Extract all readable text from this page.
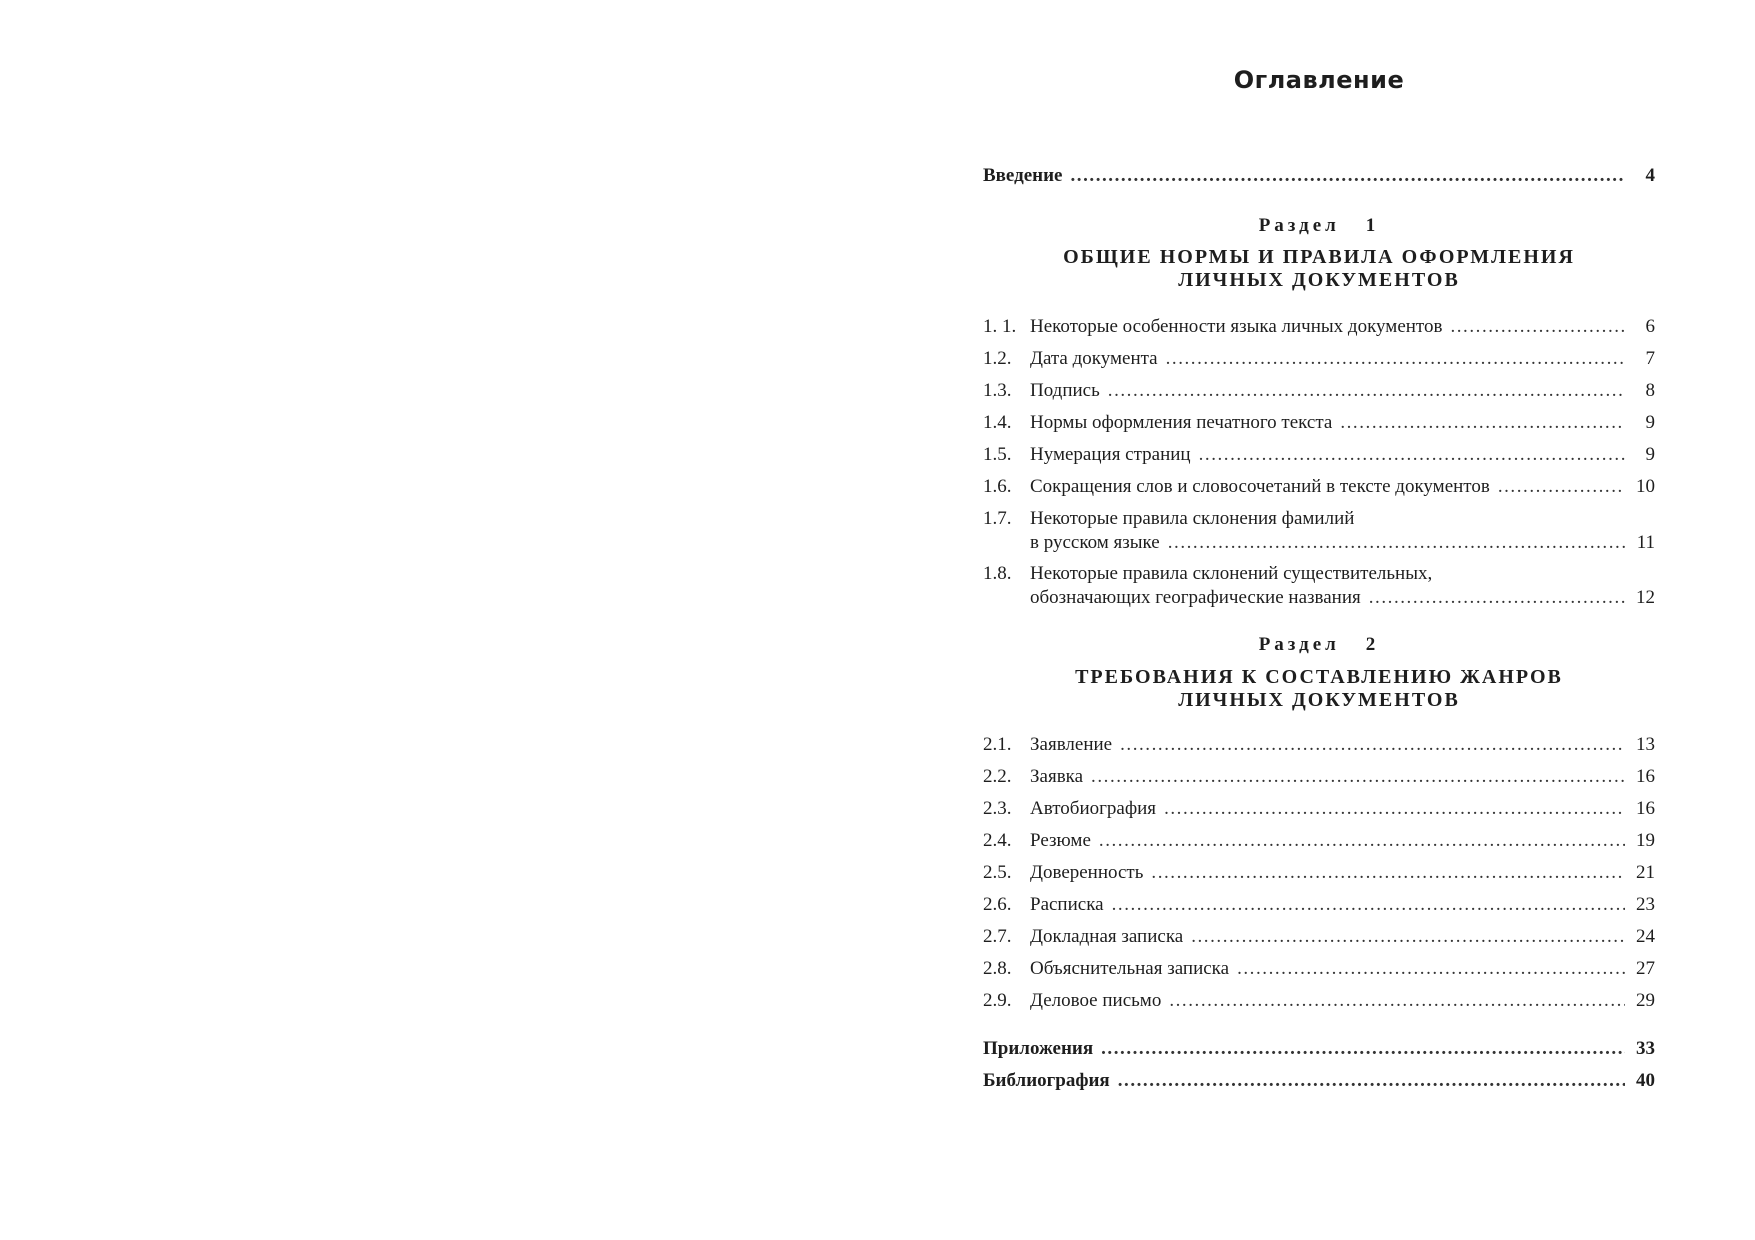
Оглавление
Введение . . .	4
Раздел 1
ОБЩИЕ НОРМЫ И ПРАВИЛА ОФОРМЛЕНИЯ
ЛИЧНЫХ ДОКУМЕНТОВ
1. 1. Некоторые особенности языка личных документов . . .	6
1.2. Дата документа . . .	7
1.3. Подпись . . .	8
1.4. Нормы оформления печатного текста . . .	9
1.5. Нумерация страниц . . .	9
1.6. Сокращения слов и словосочетаний в тексте документов . . .	10
1.7. Некоторые правила склонения фамилий
в русском языке . . .	11
1.8. Некоторые правила склонений существительных,
обозначающих географические названия . . .	12
Раздел 2
ТРЕБОВАНИЯ К СОСТАВЛЕНИЮ ЖАНРОВ
ЛИЧНЫХ ДОКУМЕНТОВ
2.1. Заявление . . .	13
2.2. Заявка . . .	16
2.3. Автобиография . . .	16
2.4. Резюме . . .	19
2.5. Доверенность . . .	21
2.6. Расписка . . .	23
2.7. Докладная записка . . .	24
2.8. Объяснительная записка . . .	27
2.9. Деловое письмо . . .	29
Приложения . . .	33
Библиография . . .	40
